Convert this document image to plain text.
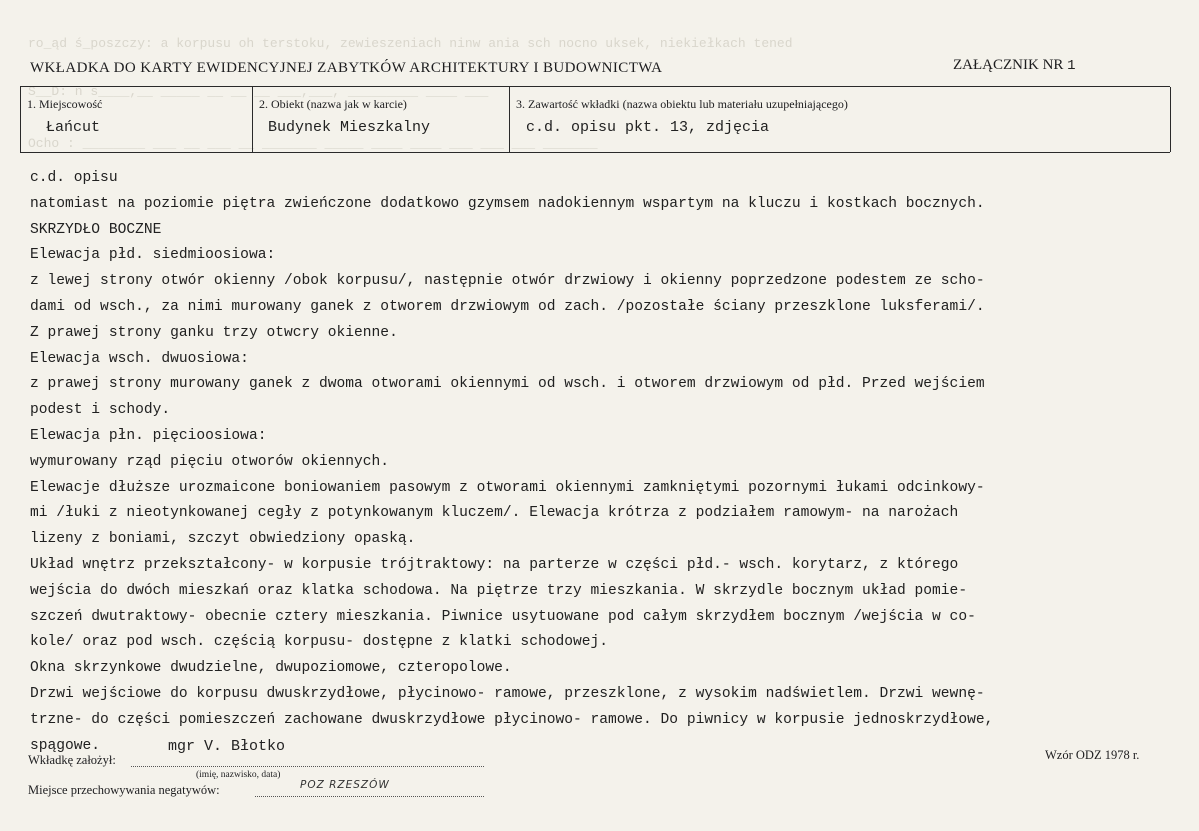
ro_ąd ś_poszczy: a korpusu oh terstoku, zewieszeniach ninw ania sch nocno uksek, niekiełkach tened
S__D: n s____,__ _____ __ __ __ ___,___, _________ ____ ___
Ocho : ________ ___ __ ___ __ _______ _____ ____ ____ ___ ___ ___ _______
WKŁADKA DO KARTY EWIDENCYJNEJ ZABYTKÓW ARCHITEKTURY I BUDOWNICTWA	ZAŁĄCZNIK NR 1
1. Miejscowość
Łańcut
2. Obiekt (nazwa jak w karcie)
Budynek Mieszkalny
3. Zawartość wkładki (nazwa obiektu lub materiału uzupełniającego)
c.d. opisu pkt. 13, zdjęcia
c.d. opisu
natomiast na poziomie piętra zwieńczone dodatkowo gzymsem nadokiennym wspartym na kluczu i kostkach bocznych.
SKRZYDŁO BOCZNE
Elewacja płd. siedmioosiowa:
z lewej strony otwór okienny /obok korpusu/, następnie otwór drzwiowy i okienny poprzedzone podestem ze scho-
dami od wsch., za nimi murowany ganek z otworem drzwiowym od zach. /pozostałe ściany przeszklone luksferami/.
Z prawej strony ganku trzy otwcry okienne.
Elewacja wsch. dwuosiowa:
z prawej strony murowany ganek z dwoma otworami okiennymi od wsch. i otworem drzwiowym od płd. Przed wejściem
podest i schody.
Elewacja płn. pięcioosiowa:
wymurowany rząd pięciu otworów okiennych.
Elewacje dłuższe urozmaicone boniowaniem pasowym z otworami okiennymi zamkniętymi pozornymi łukami odcinkowy-
mi /łuki z nieotynkowanej cegły z potynkowanym kluczem/. Elewacja krótrza z podziałem ramowym- na narożach
lizeny z boniami, szczyt obwiedziony opaską.
Układ wnętrz przekształcony- w korpusie trójtraktowy: na parterze w części płd.- wsch. korytarz, z którego
wejścia do dwóch mieszkań oraz klatka schodowa. Na piętrze trzy mieszkania. W skrzydle bocznym układ pomie-
szczeń dwutraktowy- obecnie cztery mieszkania. Piwnice usytuowane pod całym skrzydłem bocznym /wejścia w co-
kole/ oraz pod wsch. częścią korpusu- dostępne z klatki schodowej.
Okna skrzynkowe dwudzielne, dwupoziomowe, czteropolowe.
Drzwi wejściowe do korpusu dwuskrzydłowe, płycinowo- ramowe, przeszklone, z wysokim nadświetlem. Drzwi wewnę-
trzne- do części pomieszczeń zachowane dwuskrzydłowe płycinowo- ramowe. Do piwnicy w korpusie jednoskrzydłowe,
spągowe.
Wkładkę założył:
mgr V. Błotko
(imię, nazwisko, data)
Miejsce przechowywania negatywów:	POZ RZESZÓW
Wzór ODZ 1978 r.
